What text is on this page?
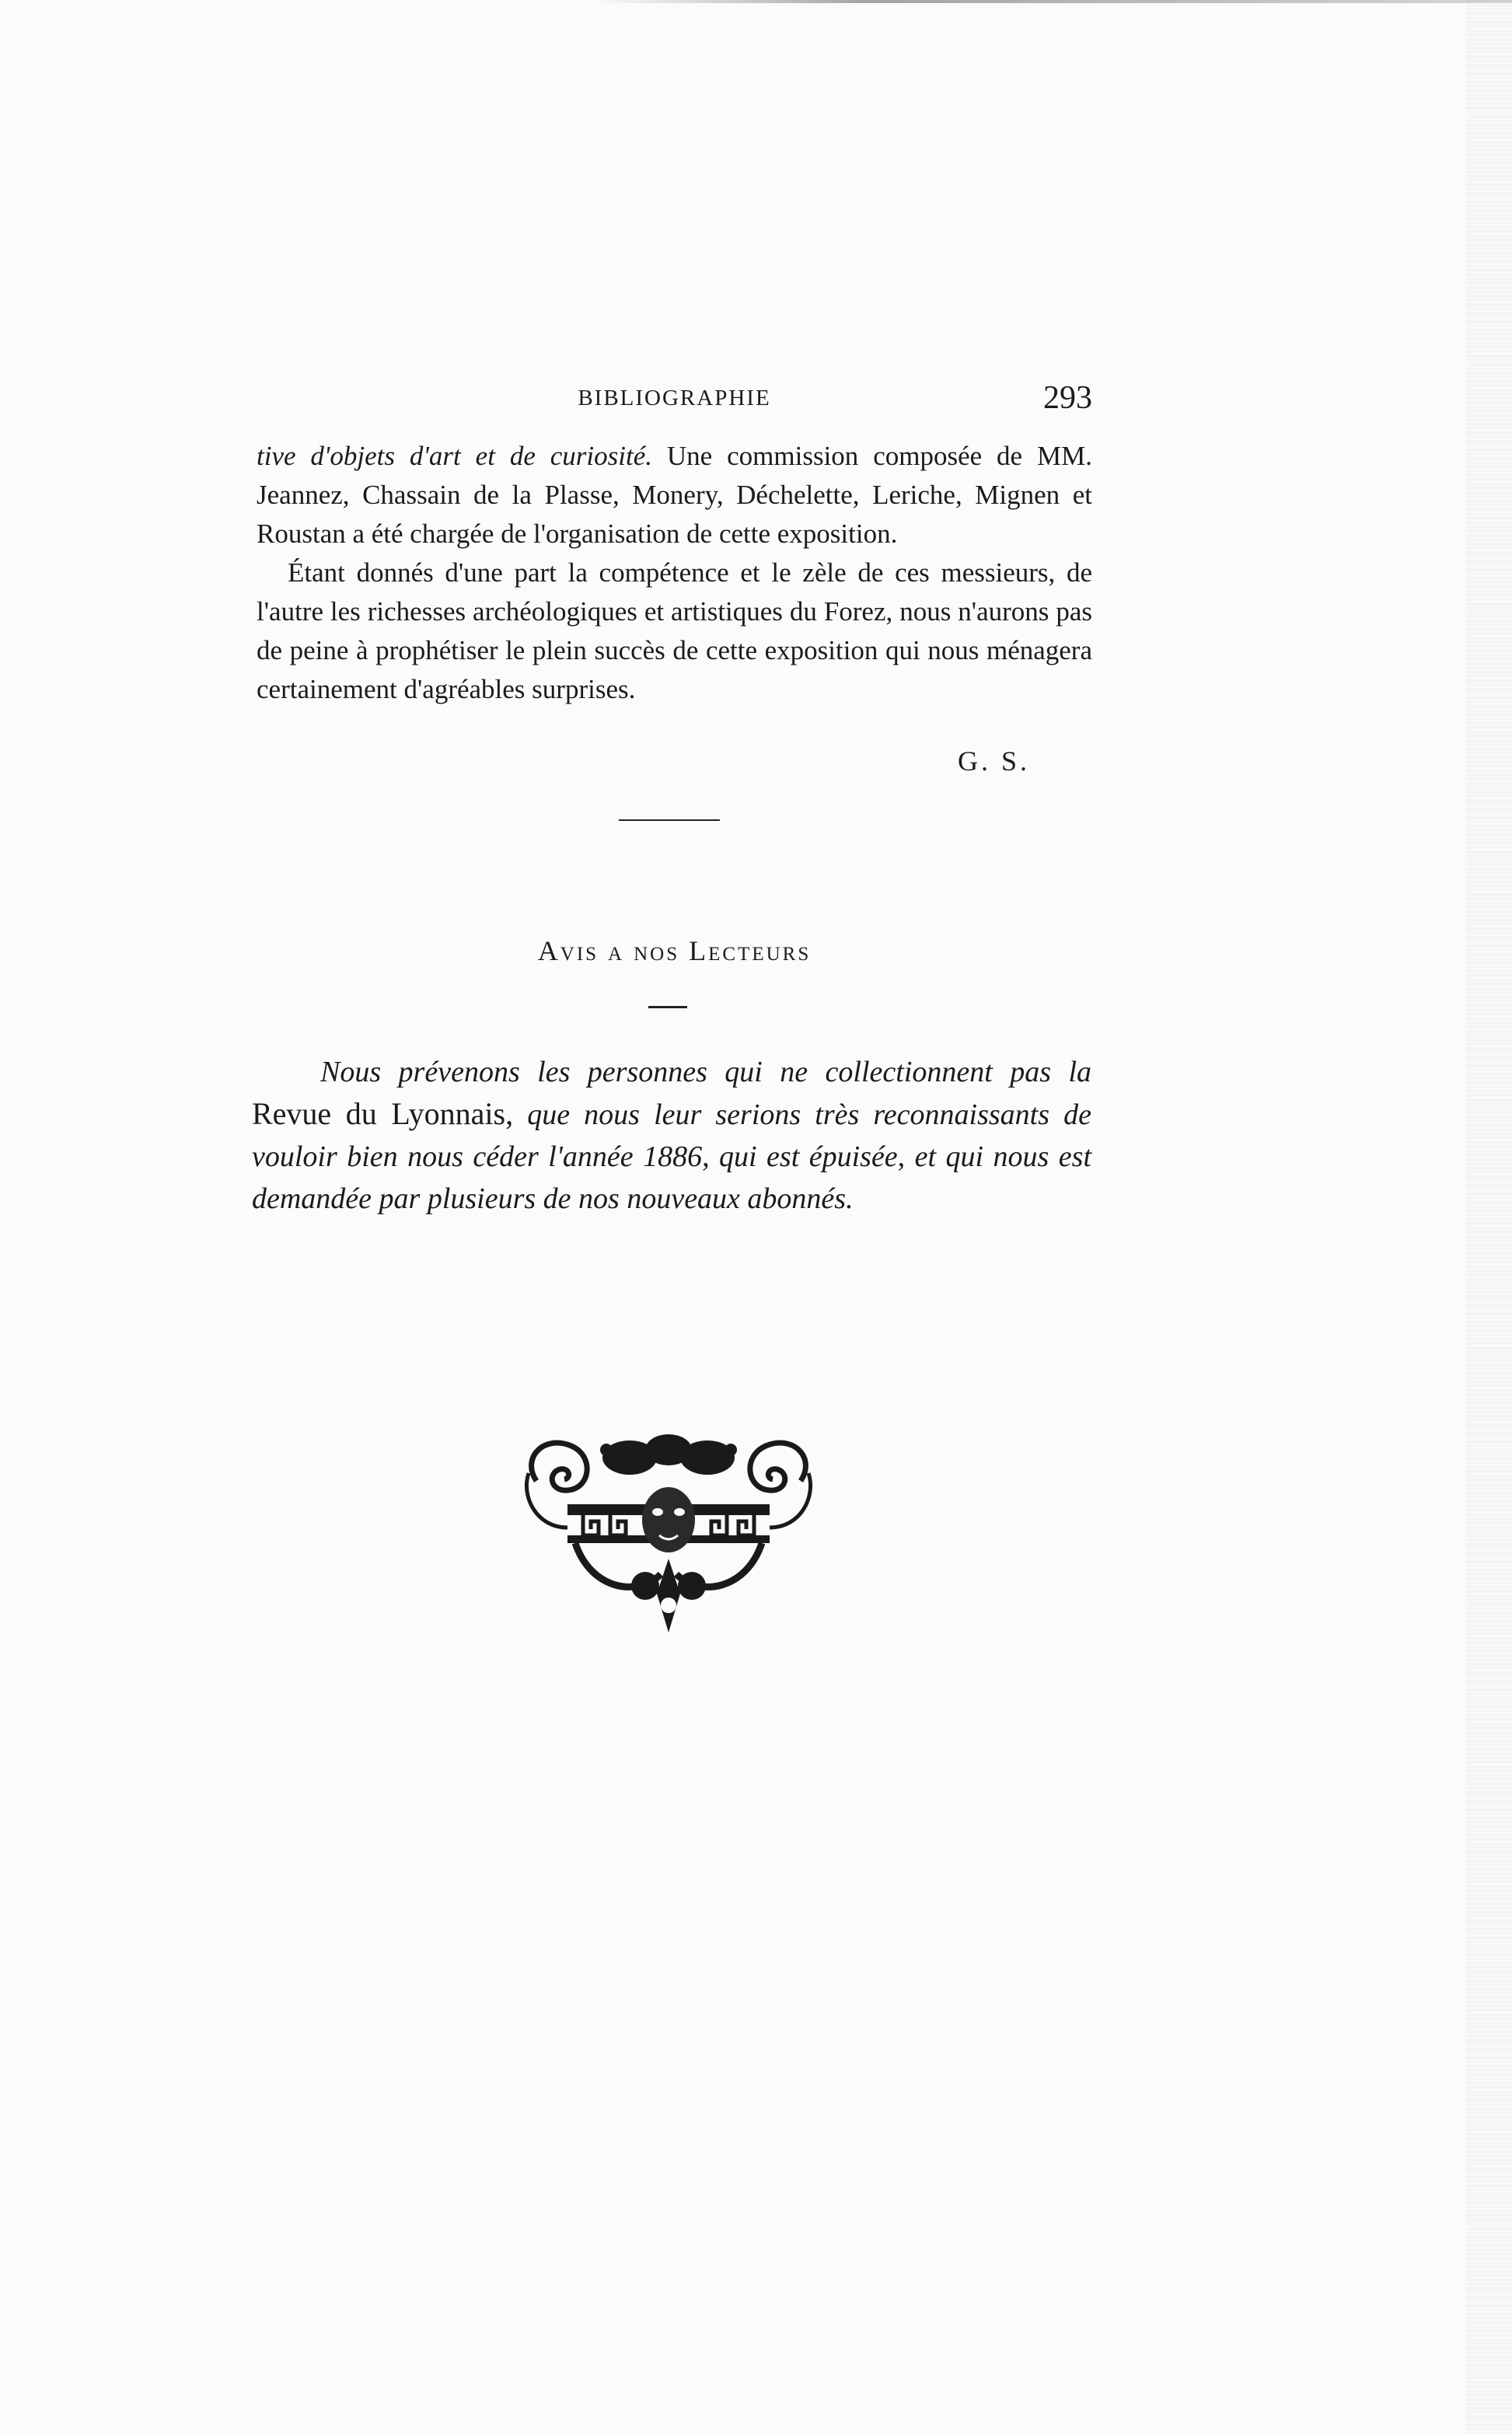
BIBLIOGRAPHIE	293

tive d'objets d'art et de curiosité. Une commission composée de MM. Jeannez, Chassain de la Plasse, Monery, Déchelette, Leriche, Mignen et Roustan a été chargée de l'organisation de cette exposition.

Étant donnés d'une part la compétence et le zèle de ces messieurs, de l'autre les richesses archéologiques et artistiques du Forez, nous n'aurons pas de peine à prophétiser le plein succès de cette exposition qui nous ménagera certainement d'agréables surprises.

G. S.
Avis a nos Lecteurs

Nous prévenons les personnes qui ne collectionnent pas la Revue du Lyonnais, que nous leur serions très reconnaissants de vouloir bien nous céder l'année 1886, qui est épuisée, et qui nous est demandée par plusieurs de nos nouveaux abonnés.
